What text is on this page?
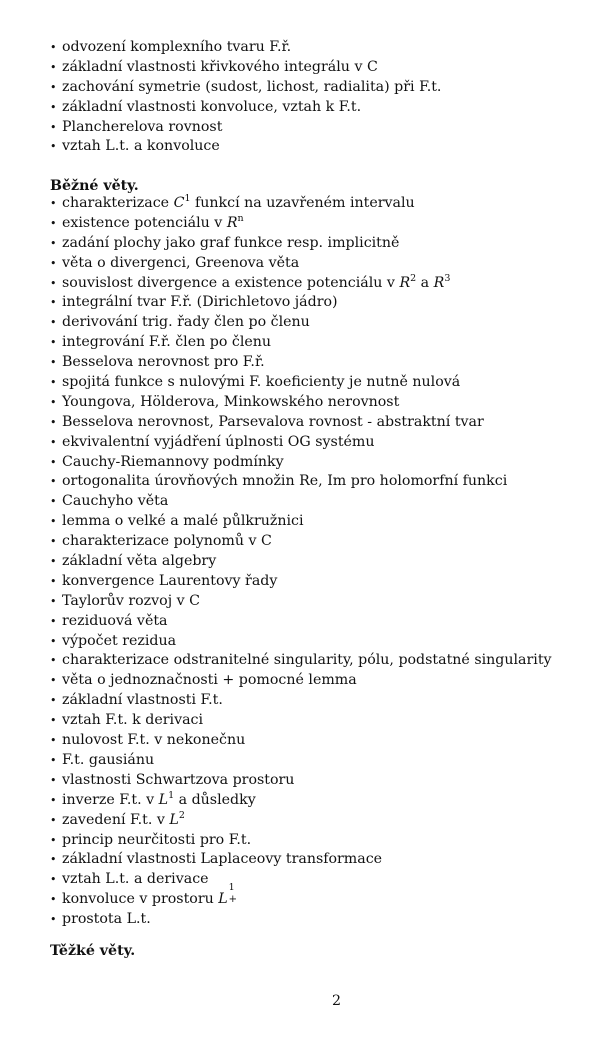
• odvození komplexního tvaru F.ř.
• základní vlastnosti křivkového integrálu v C
• zachování symetrie (sudost, lichost, radialita) při F.t.
• základní vlastnosti konvoluce, vztah k F.t.
• Plancherelova rovnost
• vztah L.t. a konvoluce
Běžné věty.
• charakterizace $C^1$ funkcí na uzavřeném intervalu
• existence potenciálu v $R^n$
• zadání plochy jako graf funkce resp. implicitně
• věta o divergenci, Greenova věta
• souvislost divergence a existence potenciálu v $R^2$ a $R^3$
• integrální tvar F.ř. (Dirichletovo jádro)
• derivování trig. řady člen po členu
• integrování F.ř. člen po členu
• Besselova nerovnost pro F.ř.
• spojitá funkce s nulovými F. koeficienty je nutně nulová
• Youngova, Hölderova, Minkowského nerovnost
• Besselova nerovnost, Parsevalova rovnost - abstraktní tvar
• ekvivalentní vyjádření úplnosti OG systému
• Cauchy-Riemannovy podmínky
• ortogonalita úrovňových množin Re, Im pro holomorfní funkci
• Cauchyho věta
• lemma o velké a malé půlkružnici
• charakterizace polynomů v C
• základní věta algebry
• konvergence Laurentovy řady
• Taylorův rozvoj v C
• reziduová věta
• výpočet rezidua
• charakterizace odstranitelné singularity, pólu, podstatné singularity
• věta o jednoznačnosti + pomocné lemma
• základní vlastnosti F.t.
• vztah F.t. k derivaci
• nulovost F.t. v nekonečnu
• F.t. gausiánu
• vlastnosti Schwartzova prostoru
• inverze F.t. v $L^1$ a důsledky
• zavedení F.t. v $L^2$
• princip neurčitosti pro F.t.
• základní vlastnosti Laplaceovy transformace
• vztah L.t. a derivace
• konvoluce v prostoru L
1
+
• prostota L.t.
Těžké věty.
2
